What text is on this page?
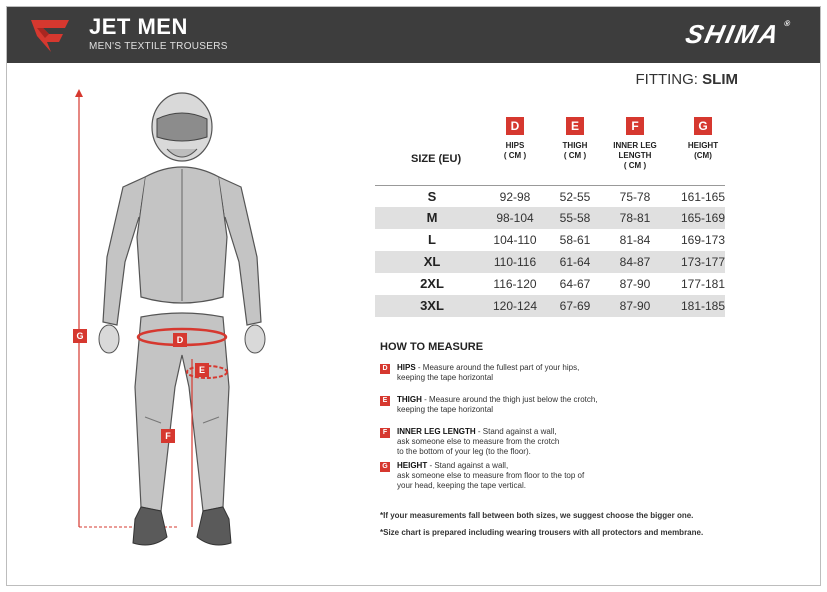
JET MEN
MEN'S TEXTILE TROUSERS	SHIMA®
FITTING: SLIM
G	D
E
F
SIZE (EU)
D
HIPS
( CM )
E
THIGH
( CM )
F
INNER LEG
LENGTH
( CM )
G
HEIGHT
(CM)
S	92-98	52-55	75-78	161-165
M	98-104	55-58	78-81	165-169
L	104-110	58-61	81-84	169-173
XL	110-116	61-64	84-87	173-177
2XL	116-120	64-67	87-90	177-181
3XL	120-124	67-69	87-90	181-185
HOW TO MEASURE
D	HIPS - Measure around the fullest part of your hips,
keeping the tape horizontal
E	THIGH - Measure around the thigh just below the crotch,
keeping the tape horizontal
F	INNER LEG LENGTH - Stand against a wall,
ask someone else to measure from the crotch
to the bottom of your leg (to the floor).
G HEIGHT - Stand against a wall,
ask someone else to measure from floor to the top of
your head, keeping the tape vertical.
*If your measurements fall between both sizes, we suggest choose the bigger one.
*Size chart is prepared including wearing trousers with all protectors and membrane.
